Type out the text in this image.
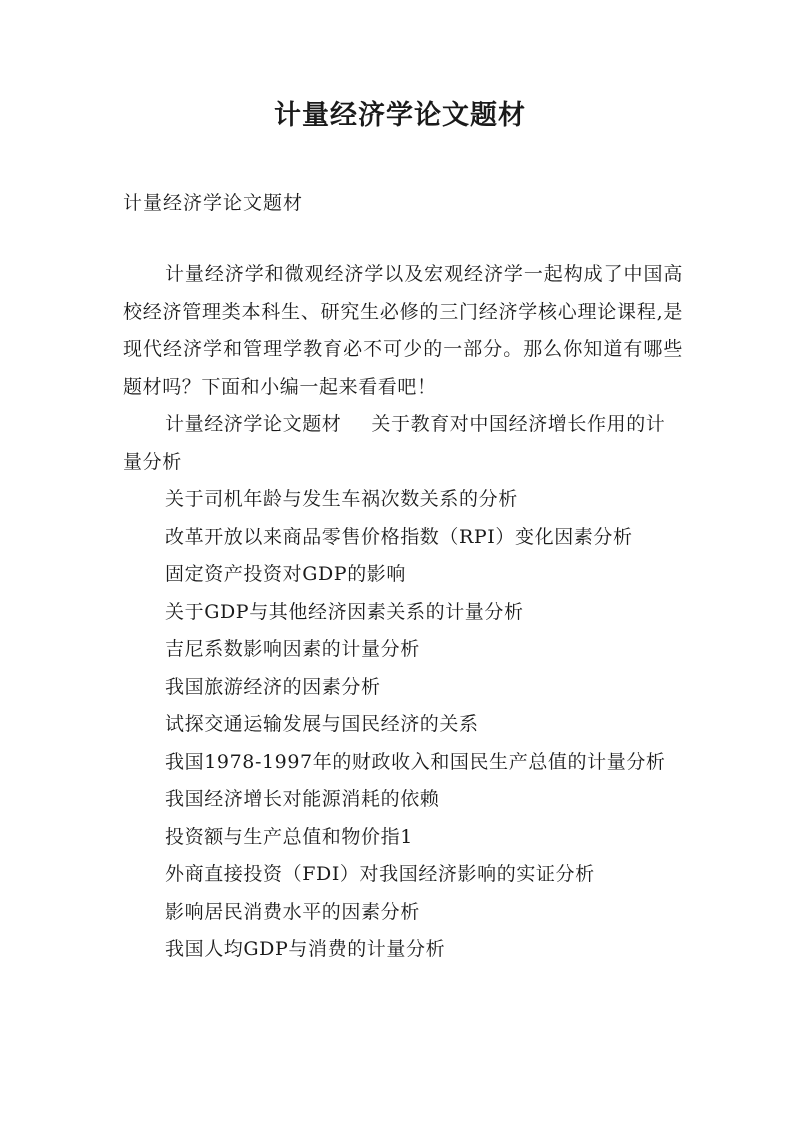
计量经济学论文题材

计量经济学论文题材

计量经济学和微观经济学以及宏观经济学一起构成了中国高校经济管理类本科生、研究生必修的三门经济学核心理论课程,是现代经济学和管理学教育必不可少的一部分。那么你知道有哪些题材吗？下面和小编一起来看看吧！

计量经济学论文题材 关于教育对中国经济增长作用的计量分析

关于司机年龄与发生车祸次数关系的分析
改革开放以来商品零售价格指数（RPI）变化因素分析
固定资产投资对GDP的影响
关于GDP与其他经济因素关系的计量分析
吉尼系数影响因素的计量分析
我国旅游经济的因素分析
试探交通运输发展与国民经济的关系
我国1978-1997年的财政收入和国民生产总值的计量分析
我国经济增长对能源消耗的依赖
投资额与生产总值和物价指1
外商直接投资（FDI）对我国经济影响的实证分析
影响居民消费水平的因素分析
我国人均GDP与消费的计量分析
